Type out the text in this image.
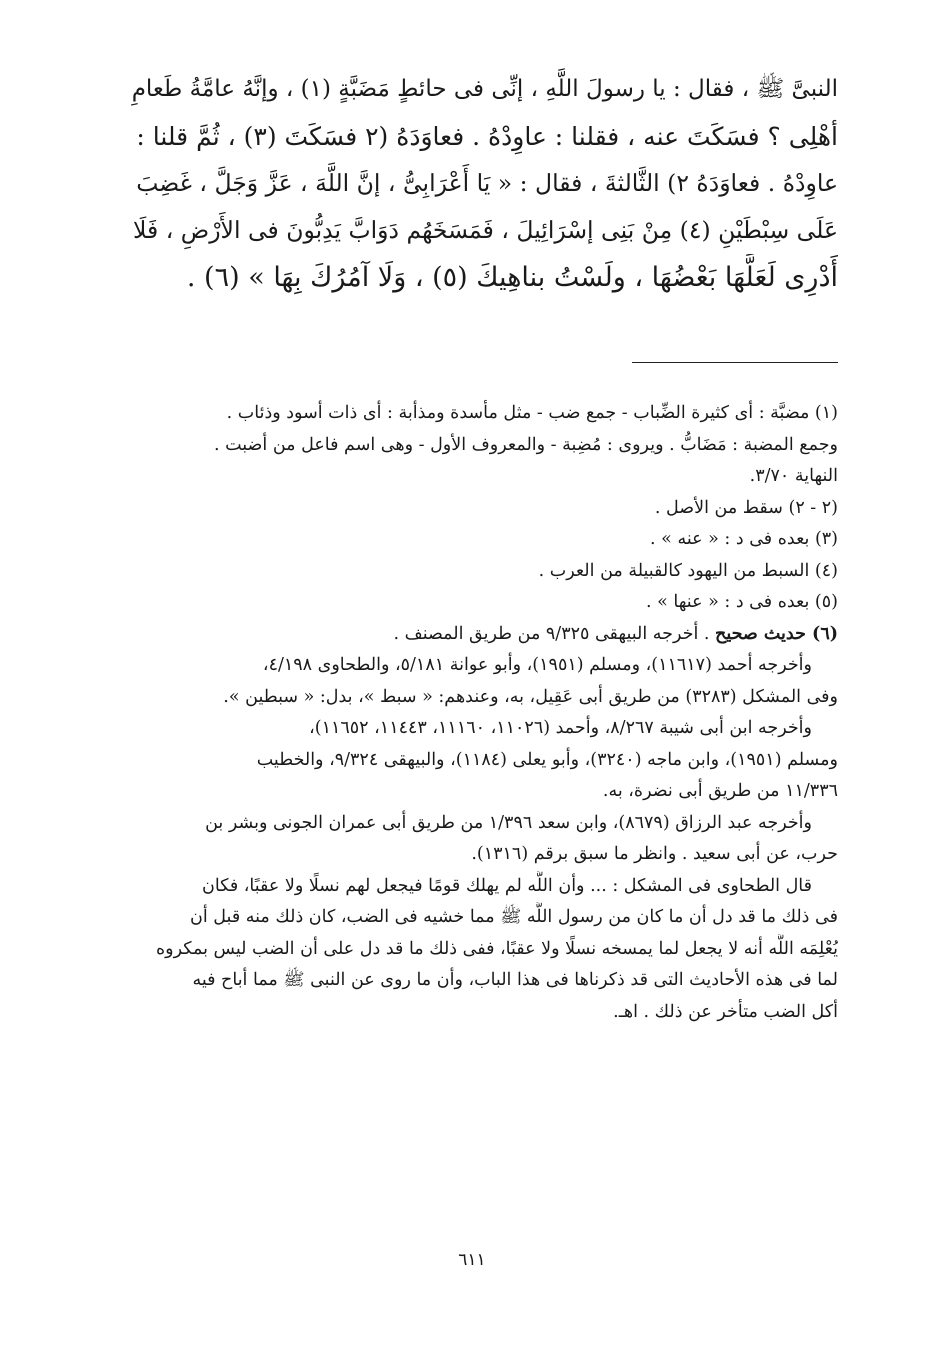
النبىَّ ﷺ ، فقال : يا رسولَ اللَّهِ ، إنِّى فى حائطٍ مَضَبَّةٍ (١) ، وإنَّهُ عامَّةُ طَعامِ
أهْلِى ؟ فسَكَتَ عنه ، فقلنا : عاوِدْهُ . فعاوَدَهُ (٢ فسَكَتَ (٣) ، ثُمَّ قلنا :
عاوِدْهُ . فعاوَدَهُ ٢) الثَّالثةَ ، فقال : « يَا أَعْرَابِىُّ ، إنَّ اللَّهَ ، عَزَّ وَجَلَّ ، غَضِبَ
عَلَى سِبْطَيْنِ (٤) مِنْ بَنِى إسْرَائِيلَ ، فَمَسَخَهُم دَوَابَّ يَدِبُّونَ فى الأَرْضِ ، فَلَا
أَدْرِى لَعَلَّهَا بَعْضُهَا ، ولَسْتُ بناهِيكَ (٥) ، وَلَا آمُرُكَ بِهَا » (٦) .
(١) مضبَّة : أى كثيرة الضِّباب - جمع ضب - مثل مأسدة ومذأبة : أى ذات أسود وذئاب .
وجمع المضبة : مَضَابُّ . ويروى : مُضِبة - والمعروف الأول - وهى اسم فاعل من أضبت .
النهاية ٣/٧٠.
(٢ - ٢) سقط من الأصل .
(٣) بعده فى د : « عنه » .
(٤) السبط من اليهود كالقبيلة من العرب .
(٥) بعده فى د : « عنها » .
(٦) حديث صحيح . أخرجه البيهقى ٩/٣٢٥ من طريق المصنف .
وأخرجه أحمد (١١٦١٧)، ومسلم (١٩٥١)، وأبو عوانة ٥/١٨١، والطحاوى ٤/١٩٨،
وفى المشكل (٣٢٨٣) من طريق أبى عَقِيل، به، وعندهم: « سبط »، بدل: « سبطين ».
وأخرجه ابن أبى شيبة ٨/٢٦٧، وأحمد (١١٠٢٦، ١١١٦٠، ١١٤٤٣، ١١٦٥٢)،
ومسلم (١٩٥١)، وابن ماجه (٣٢٤٠)، وأبو يعلى (١١٨٤)، والبيهقى ٩/٣٢٤، والخطيب
١١/٣٣٦ من طريق أبى نضرة، به.
وأخرجه عبد الرزاق (٨٦٧٩)، وابن سعد ١/٣٩٦ من طريق أبى عمران الجونى وبشر بن
حرب، عن أبى سعيد . وانظر ما سبق برقم (١٣١٦).
قال الطحاوى فى المشكل : ... وأن اللَّه لم يهلك قومًا فيجعل لهم نسلًا ولا عقبًا، فكان
فى ذلك ما قد دل أن ما كان من رسول اللَّه ﷺ مما خشيه فى الضب، كان ذلك منه قبل أن
يُعْلِمَه اللَّه أنه لا يجعل لما يمسخه نسلًا ولا عقبًا، ففى ذلك ما قد دل على أن الضب ليس بمكروه
لما فى هذه الأحاديث التى قد ذكرناها فى هذا الباب، وأن ما روى عن النبى ﷺ مما أباح فيه
أكل الضب متأخر عن ذلك . اهـ.
٦١١
